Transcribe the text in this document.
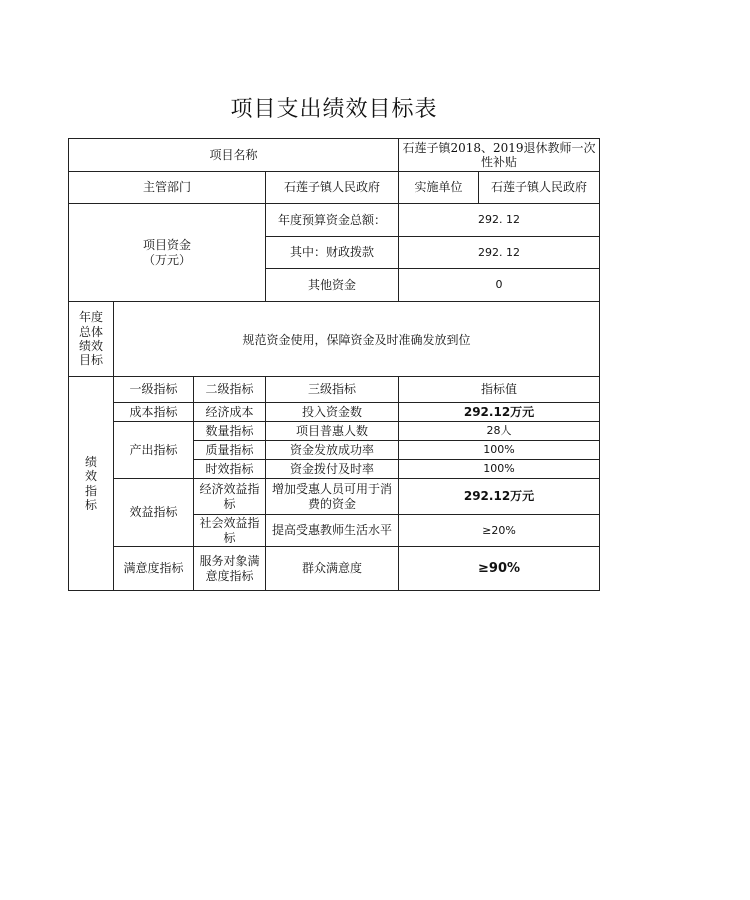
项目支出绩效目标表
项目名称				石莲子镇2018、2019退休教师一次性补贴	
主管部门			石莲子镇人民政府	实施单位	石莲子镇人民政府

项目资金
（万元）			年度预算资金总额：	292. 12	
			其中：财政拨款	292. 12	
			其他资金	0	

年度
总体
绩效
目标	规范资金使用，保障资金及时准确发放到位				

绩
效
指
标	一级指标	二级指标	三级指标	指标值	
	成本指标	经济成本	投入资金数	292.12万元	
	产出指标	数量指标	项目普惠人数	28人	
		质量指标	资金发放成功率	100%	
		时效指标	资金拨付及时率	100%	
	效益指标	经济效益指标	增加受惠人员可用于消费的资金	292.12万元	
		社会效益指标	提高受惠教师生活水平	≥20%	
	满意度指标	服务对象满意度指标	群众满意度	≥90%	
